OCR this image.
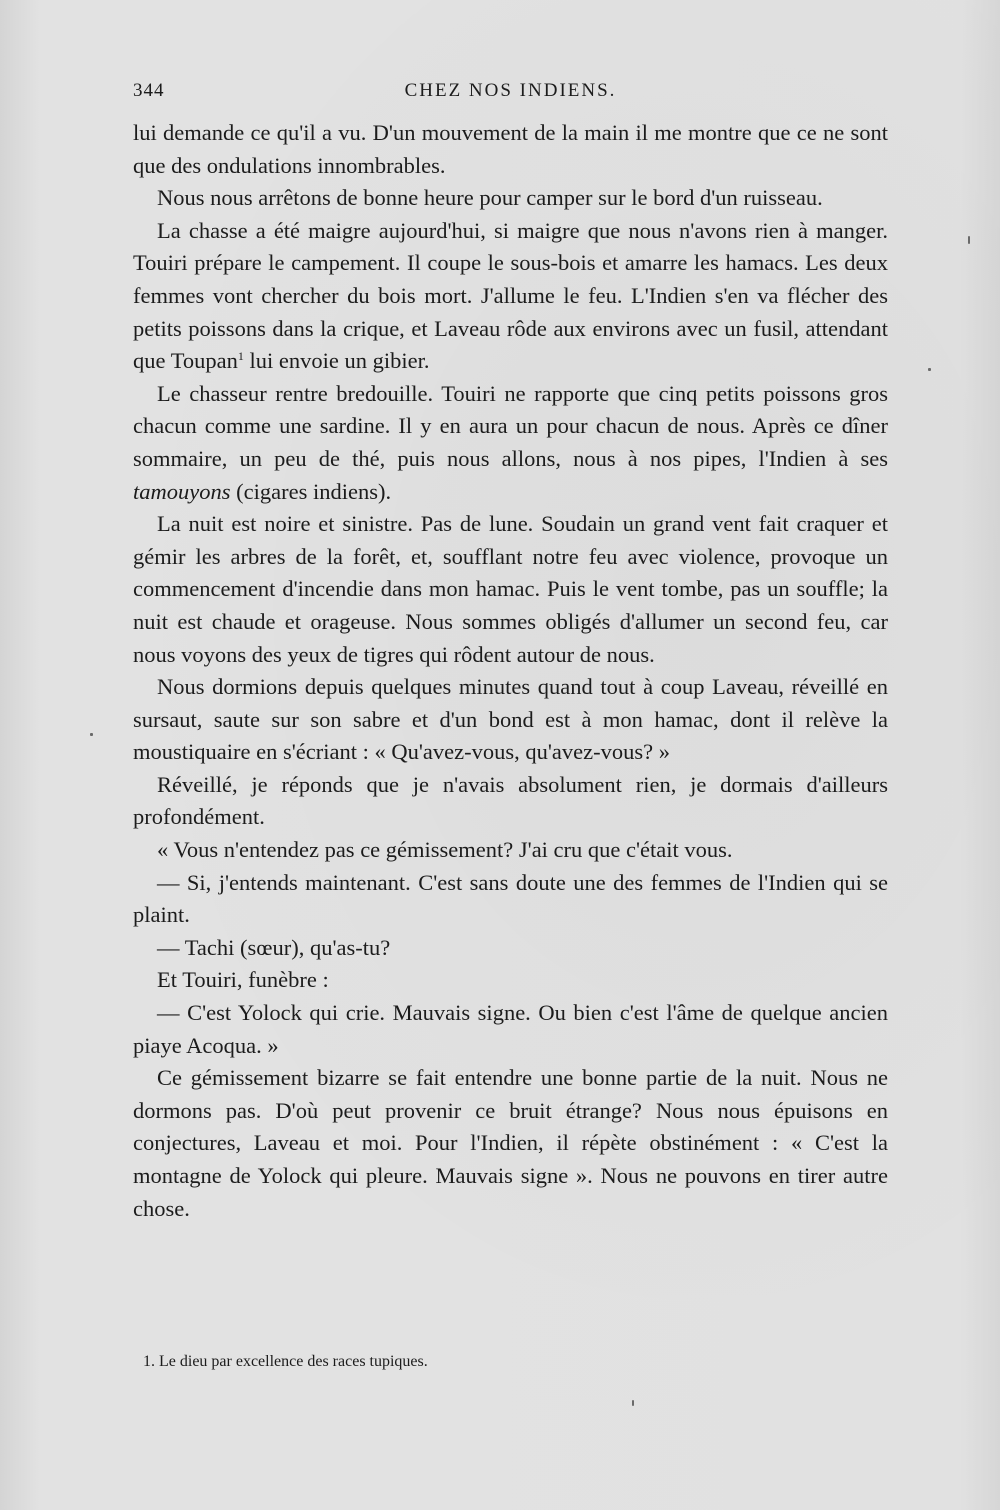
344	CHEZ NOS INDIENS.

lui demande ce qu'il a vu. D'un mouvement de la main il me montre que ce ne sont que des ondulations innombrables.

Nous nous arrêtons de bonne heure pour camper sur le bord d'un ruisseau.

La chasse a été maigre aujourd'hui, si maigre que nous n'avons rien à manger. Touiri prépare le campement. Il coupe le sous-bois et amarre les hamacs. Les deux femmes vont chercher du bois mort. J'allume le feu. L'Indien s'en va flécher des petits poissons dans la crique, et Laveau rôde aux environs avec un fusil, attendant que Toupan$^1$ lui envoie un gibier.

Le chasseur rentre bredouille. Touiri ne rapporte que cinq petits poissons gros chacun comme une sardine. Il y en aura un pour chacun de nous. Après ce dîner sommaire, un peu de thé, puis nous allons, nous à nos pipes, l'Indien à ses tamouyons (cigares indiens).

La nuit est noire et sinistre. Pas de lune. Soudain un grand vent fait craquer et gémir les arbres de la forêt, et, soufflant notre feu avec violence, provoque un commencement d'incendie dans mon hamac. Puis le vent tombe, pas un souffle; la nuit est chaude et orageuse. Nous sommes obligés d'allumer un second feu, car nous voyons des yeux de tigres qui rôdent autour de nous.

Nous dormions depuis quelques minutes quand tout à coup Laveau, réveillé en sursaut, saute sur son sabre et d'un bond est à mon hamac, dont il relève la moustiquaire en s'écriant : « Qu'avez-vous, qu'avez-vous? »

Réveillé, je réponds que je n'avais absolument rien, je dormais d'ailleurs profondément.

« Vous n'entendez pas ce gémissement? J'ai cru que c'était vous.

— Si, j'entends maintenant. C'est sans doute une des femmes de l'Indien qui se plaint.

— Tachi (sœur), qu'as-tu?

Et Touiri, funèbre :

— C'est Yolock qui crie. Mauvais signe. Ou bien c'est l'âme de quelque ancien piaye Acoqua. »

Ce gémissement bizarre se fait entendre une bonne partie de la nuit. Nous ne dormons pas. D'où peut provenir ce bruit étrange? Nous nous épuisons en conjectures, Laveau et moi. Pour l'Indien, il répète obstinément : « C'est la montagne de Yolock qui pleure. Mauvais signe ». Nous ne pouvons en tirer autre chose.

1. Le dieu par excellence des races tupiques.
